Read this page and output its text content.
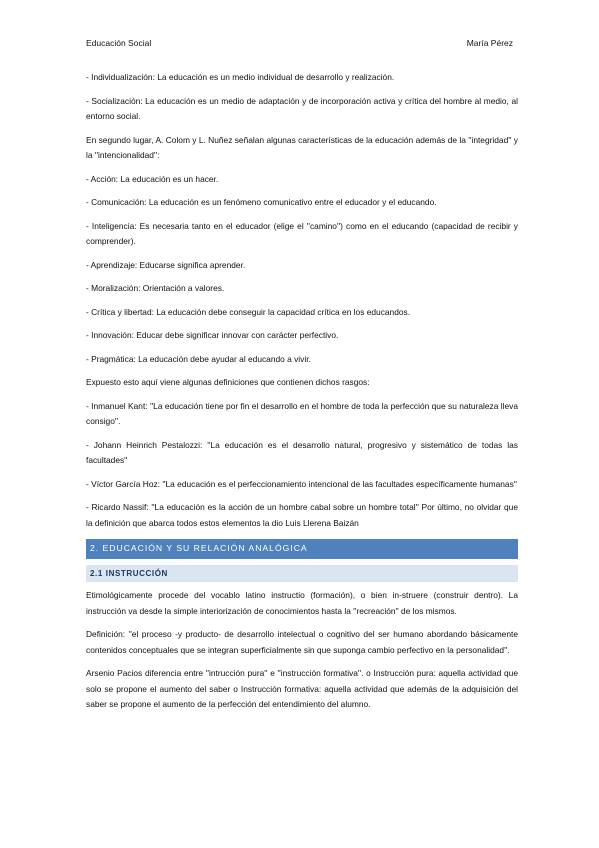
Educación Social	María Pérez

- Individualización: La educación es un medio individual de desarrollo y realización.

- Socialización: La educación es un medio de adaptación y de incorporación activa y crítica del hombre al medio, al entorno social.

En segundo lugar, A. Colom y L. Nuñez señalan algunas características de la educación además de la ''integridad'' y la ''intencionalidad'':

- Acción: La educación es un hacer.

- Comunicación: La educación es un fenómeno comunicativo entre el educador y el educando.

- Inteligencia: Es necesaria tanto en el educador (elige el ''camino'') como en el educando (capacidad de recibir y comprender).

- Aprendizaje: Educarse significa aprender.

- Moralización: Orientación a valores.

- Crítica y libertad: La educación debe conseguir la capacidad crítica en los educandos.

- Innovación: Educar debe significar innovar con carácter perfectivo.

- Pragmática: La educación debe ayudar al educando a vivir.

Expuesto esto aquí viene algunas definiciones que contienen dichos rasgos:

- Inmanuel Kant: ''La educación tiene por fin el desarrollo en el hombre de toda la perfección que su naturaleza lleva consigo''.

- Johann Heinrich Pestalozzi: ''La educación es el desarrollo natural, progresivo y sistemático de todas las facultades''

- Víctor García Hoz: ''La educación es el perfeccionamiento intencional de las facultades específicamente humanas''

- Ricardo Nassif: ''La educación es la acción de un hombre cabal sobre un hombre total'' Por último, no olvidar que la definición que abarca todos estos elementos la dio Luis Llerena Baizán

2. EDUCACIÓN Y SU RELACIÓN ANALÓGICA
2.1 INSTRUCCIÓN

Etimológicamente procede del vocablo latino instructio (formación), o bien in-struere (construir dentro). La instrucción va desde la simple interiorización de conocimientos hasta la ''recreación'' de los mismos.

Definición: ''el proceso -y producto- de desarrollo intelectual o cognitivo del ser humano abordando básicamente contenidos conceptuales que se integran superficialmente sin que suponga cambio perfectivo en la personalidad''.

Arsenio Pacios diferencia entre ''intrucción pura'' e ''instrucción formativa''. o Instrucción pura: aquella actividad que solo se propone el aumento del saber o Instrucción formativa: aquella actividad que además de la adquisición del saber se propone el aumento de la perfección del entendimiento del alumno.
